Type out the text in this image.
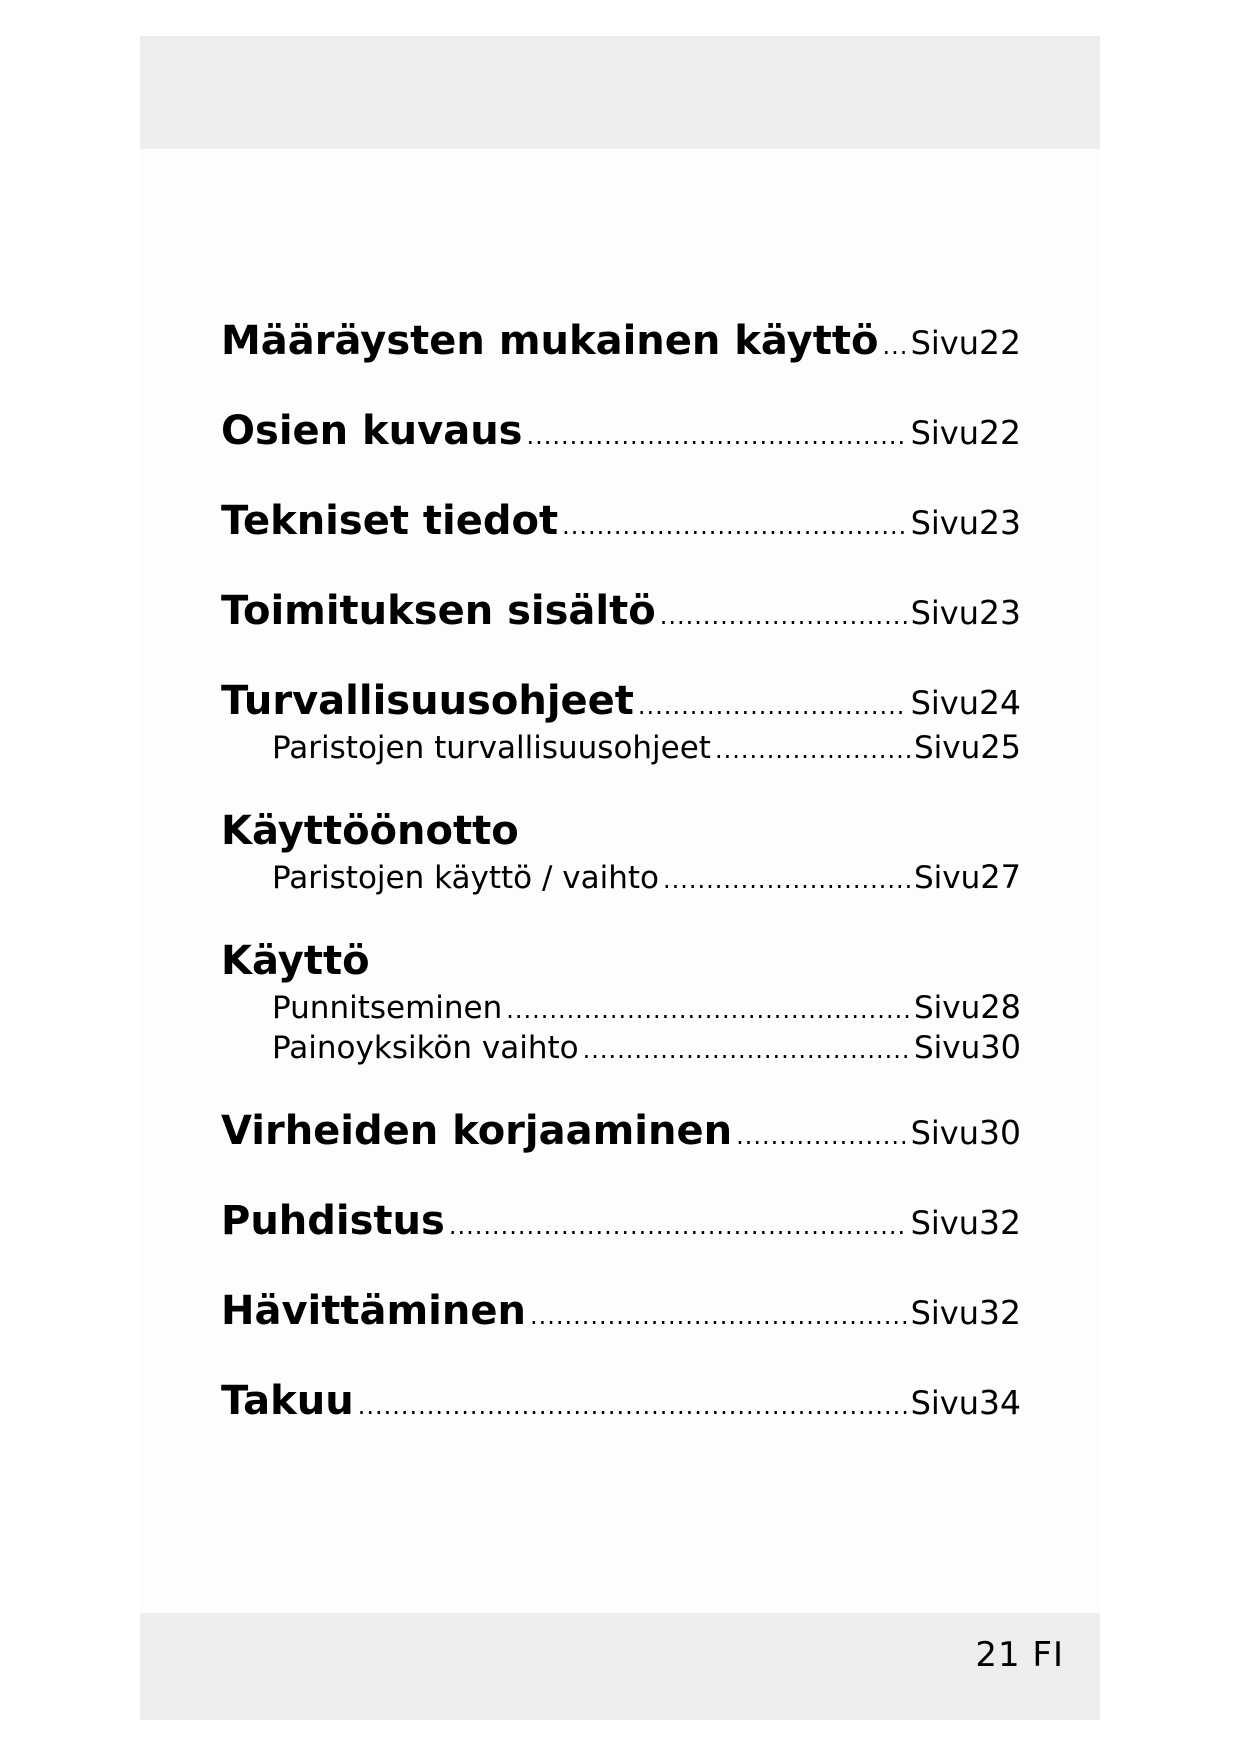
21 FI
Määräysten mukainen käyttö ..... Sivu 22
Osien kuvaus .....	Sivu 22
Tekniset tiedot .....	Sivu 23
Toimituksen sisältö .....	Sivu 23
Turvallisuusohjeet .....	Sivu 24
Paristojen turvallisuusohjeet .....	Sivu 25
Käyttöönotto
Paristojen käyttö / vaihto .....	Sivu 27
Käyttö
Punnitseminen .....	Sivu 28
Painoyksikön vaihto .....	Sivu 30
Virheiden korjaaminen .....	Sivu 30
Puhdistus .....	Sivu 32
Hävittäminen .....	Sivu 32
Takuu .....	Sivu 34
